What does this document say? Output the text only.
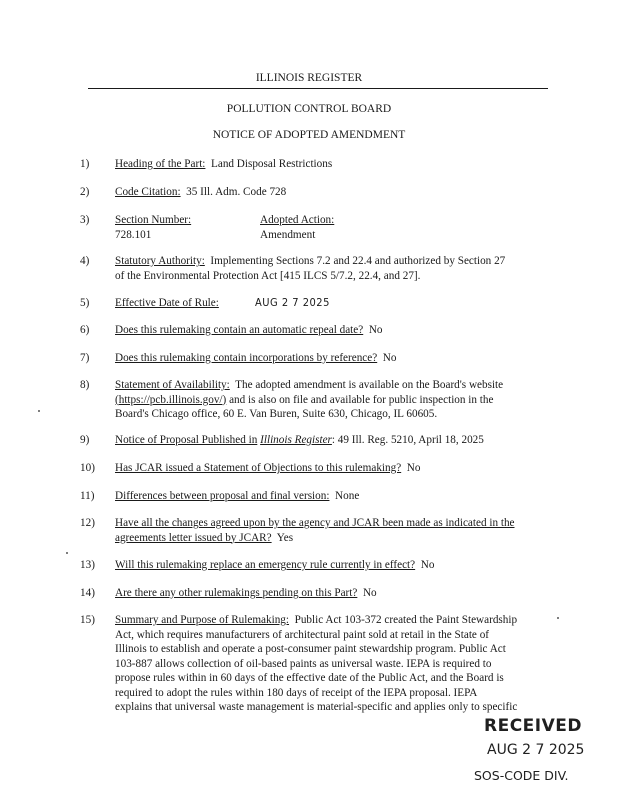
ILLINOIS REGISTER
POLLUTION CONTROL BOARD
NOTICE OF ADOPTED AMENDMENT
1)	Heading of the Part: Land Disposal Restrictions
2)	Code Citation: 35 Ill. Adm. Code 728
3)	Section Number:	Adopted Action:

728.101	Amendment
4)	Statutory Authority: Implementing Sections 7.2 and 22.4 and authorized by Section 27
of the Environmental Protection Act [415 ILCS 5/7.2, 22.4, and 27].
5)	Effective Date of Rule:	AUG 2 7 2025
6)	Does this rulemaking contain an automatic repeal date? No
7)	Does this rulemaking contain incorporations by reference? No
8)	Statement of Availability: The adopted amendment is available on the Board's website
(https://pcb.illinois.gov/) and is also on file and available for public inspection in the
Board's Chicago office, 60 E. Van Buren, Suite 630, Chicago, IL 60605.
9)	Notice of Proposal Published in Illinois Register: 49 Ill. Reg. 5210, April 18, 2025
10)	Has JCAR issued a Statement of Objections to this rulemaking? No
11)	Differences between proposal and final version: None
12)	Have all the changes agreed upon by the agency and JCAR been made as indicated in the
agreements letter issued by JCAR? Yes
13)	Will this rulemaking replace an emergency rule currently in effect? No
14)	Are there any other rulemakings pending on this Part? No
15)	Summary and Purpose of Rulemaking: Public Act 103-372 created the Paint Stewardship
Act, which requires manufacturers of architectural paint sold at retail in the State of
Illinois to establish and operate a post-consumer paint stewardship program. Public Act
103-887 allows collection of oil-based paints as universal waste. IEPA is required to
propose rules within in 60 days of the effective date of the Public Act, and the Board is
required to adopt the rules within 180 days of receipt of the IEPA proposal. IEPA
explains that universal waste management is material-specific and applies only to specific
RECEIVED
AUG 2 7 2025
SOS-CODE DIV.
